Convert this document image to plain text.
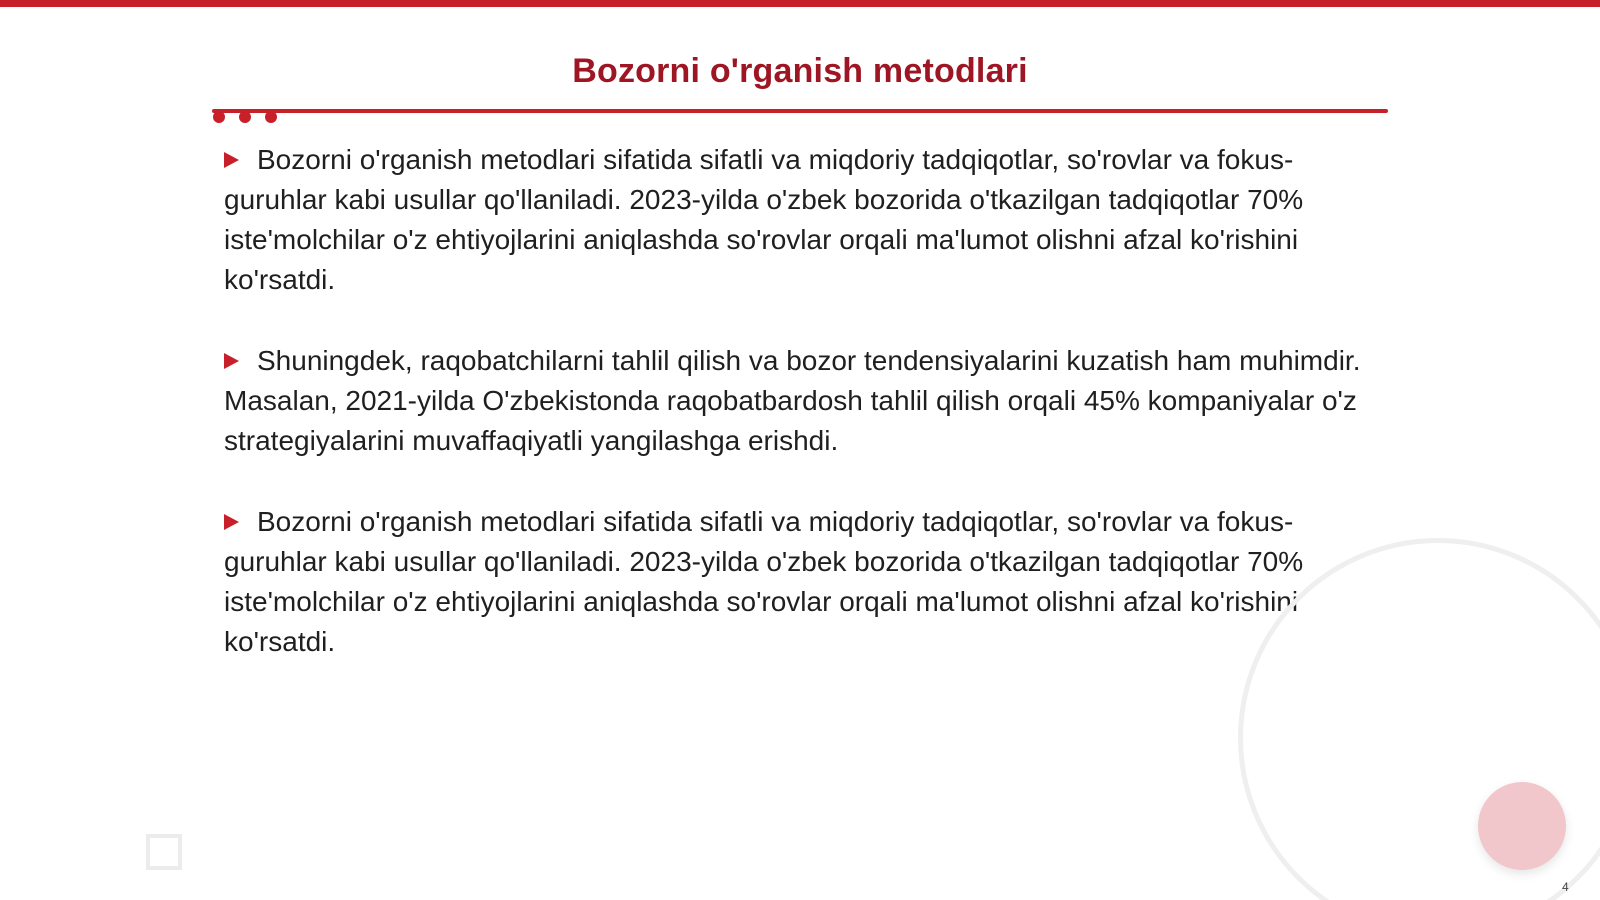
Bozorni o'rganish metodlari

Bozorni o'rganish metodlari sifatida sifatli va miqdoriy tadqiqotlar, so'rovlar va fokus-guruhlar kabi usullar qo'llaniladi. 2023-yilda o'zbek bozorida o'tkazilgan tadqiqotlar 70% iste'molchilar o'z ehtiyojlarini aniqlashda so'rovlar orqali ma'lumot olishni afzal ko'rishini ko'rsatdi.

Shuningdek, raqobatchilarni tahlil qilish va bozor tendensiyalarini kuzatish ham muhimdir. Masalan, 2021-yilda O'zbekistonda raqobatbardosh tahlil qilish orqali 45% kompaniyalar o'z strategiyalarini muvaffaqiyatli yangilashga erishdi.

Bozorni o'rganish metodlari sifatida sifatli va miqdoriy tadqiqotlar, so'rovlar va fokus-guruhlar kabi usullar qo'llaniladi. 2023-yilda o'zbek bozorida o'tkazilgan tadqiqotlar 70% iste'molchilar o'z ehtiyojlarini aniqlashda so'rovlar orqali ma'lumot olishni afzal ko'rishini ko'rsatdi.

4
